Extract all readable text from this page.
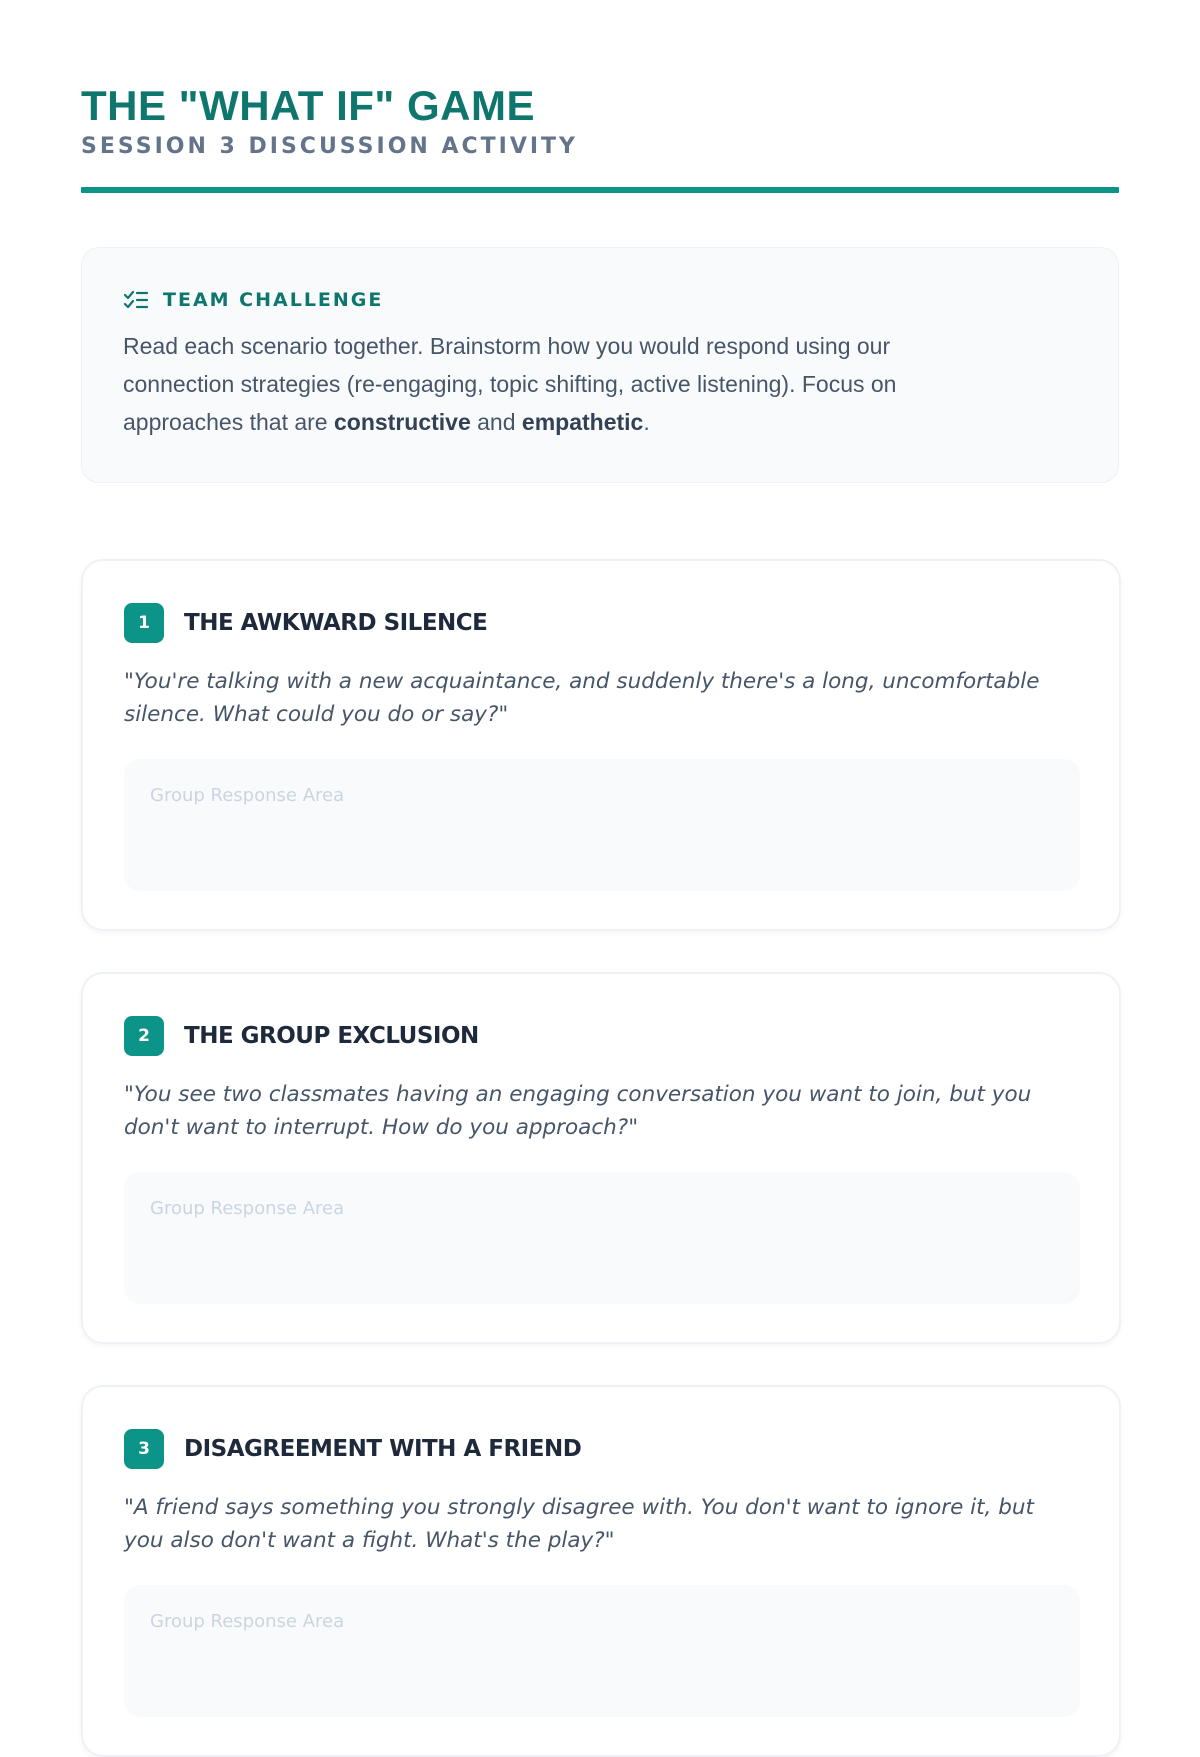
THE "WHAT IF" GAME
SESSION 3 DISCUSSION ACTIVITY
TEAM CHALLENGE

Read each scenario together. Brainstorm how you would respond using our connection strategies (re-engaging, topic shifting, active listening). Focus on approaches that are constructive and empathetic.

1	THE AWKWARD SILENCE

"You're talking with a new acquaintance, and suddenly there's a long, uncomfortable silence. What could you do or say?"

Group Response Area
2	THE GROUP EXCLUSION

"You see two classmates having an engaging conversation you want to join, but you don't want to interrupt. How do you approach?"

Group Response Area
3	DISAGREEMENT WITH A FRIEND

"A friend says something you strongly disagree with. You don't want to ignore it, but you also don't want a fight. What's the play?"

Group Response Area
